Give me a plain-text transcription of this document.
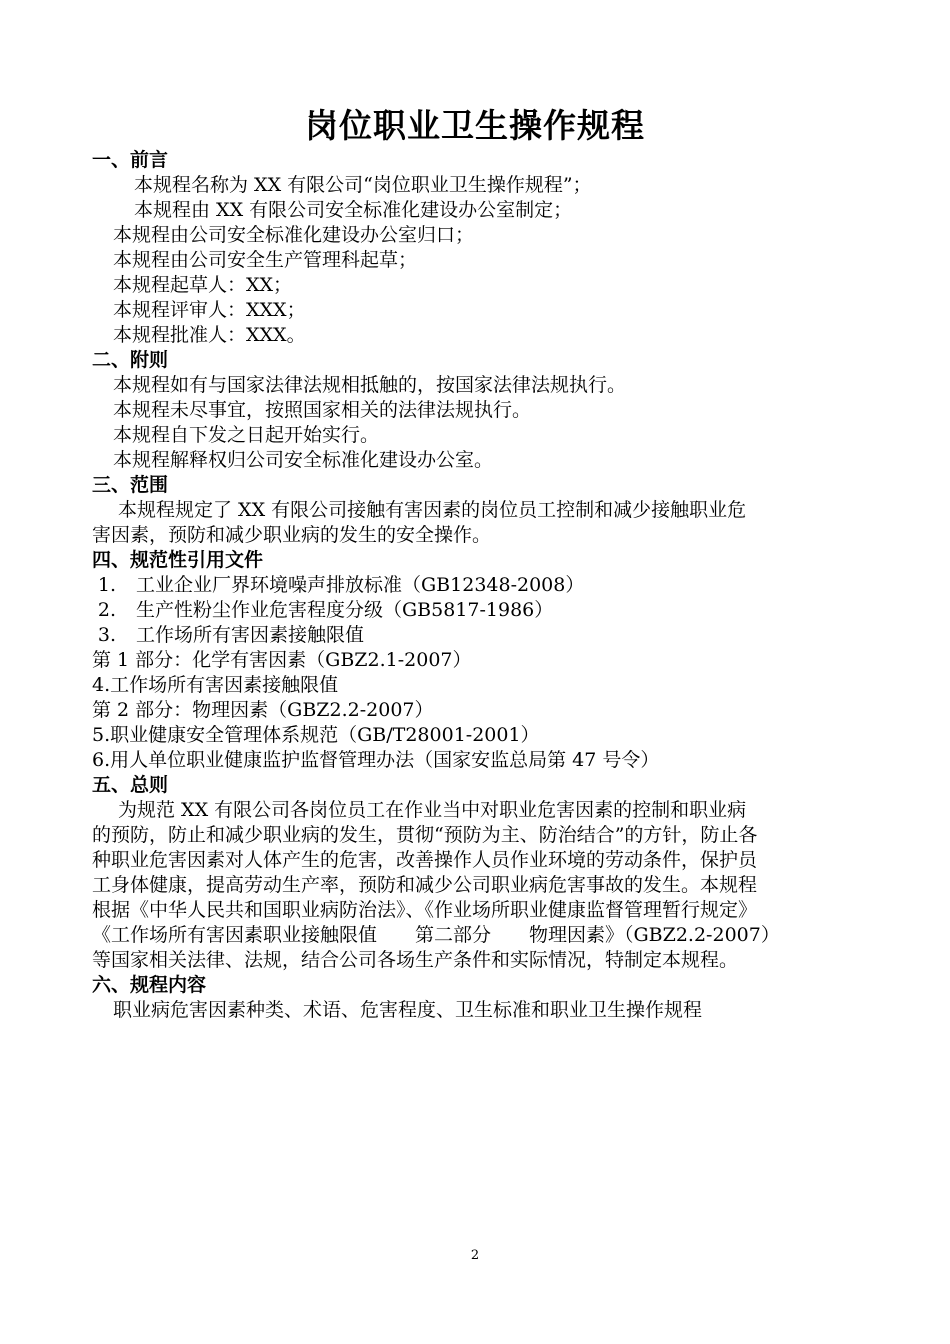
岗位职业卫生操作规程
一、前言
本规程名称为 XX 有限公司“岗位职业卫生操作规程”；
本规程由 XX 有限公司安全标准化建设办公室制定；
本规程由公司安全标准化建设办公室归口；
本规程由公司安全生产管理科起草；
本规程起草人：XX；
本规程评审人：XXX；
本规程批准人：XXX。
二、附则
本规程如有与国家法律法规相抵触的，按国家法律法规执行。
本规程未尽事宜，按照国家相关的法律法规执行。
本规程自下发之日起开始实行。
本规程解释权归公司安全标准化建设办公室。
三、范围
本规程规定了 XX 有限公司接触有害因素的岗位员工控制和减少接触职业危
害因素，预防和减少职业病的发生的安全操作。
四、规范性引用文件
1.	工业企业厂界环境噪声排放标准（GB12348-2008）
2.	生产性粉尘作业危害程度分级（GB5817-1986）
3.	工作场所有害因素接触限值
第 1 部分：化学有害因素（GBZ2.1-2007）
4.工作场所有害因素接触限值
第 2 部分：物理因素（GBZ2.2-2007）
5.职业健康安全管理体系规范（GB/T28001-2001）
6.用人单位职业健康监护监督管理办法（国家安监总局第 47 号令）
五、总则
为规范 XX 有限公司各岗位员工在作业当中对职业危害因素的控制和职业病
的预防，防止和减少职业病的发生，贯彻“预防为主、防治结合”的方针，防止各
种职业危害因素对人体产生的危害，改善操作人员作业环境的劳动条件，保护员
工身体健康，提高劳动生产率，预防和减少公司职业病危害事故的发生。本规程
根据《中华人民共和国职业病防治法》、《作业场所职业健康监督管理暂行规定》
《工作场所有害因素职业接触限值　　第二部分　　物理因素》（GBZ2.2-2007）
等国家相关法律、法规，结合公司各场生产条件和实际情况，特制定本规程。
六、规程内容
职业病危害因素种类、术语、危害程度、卫生标准和职业卫生操作规程
2
